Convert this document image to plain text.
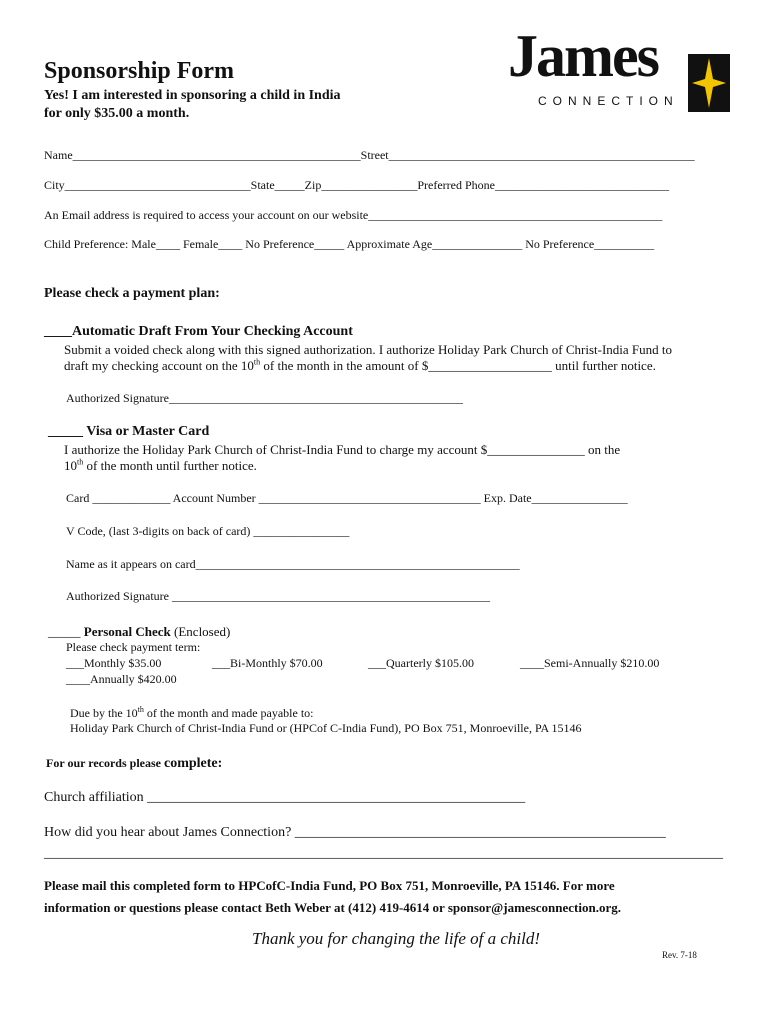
Sponsorship Form
Yes! I am interested in sponsoring a child in India
for only $35.00 a month.
James
CONNECTION
Name________________________________________________Street___________________________________________________
City_______________________________State_____Zip________________Preferred Phone_____________________________
An Email address is required to access your account on our website_________________________________________________
Child Preference: Male____ Female____ No Preference_____ Approximate Age_______________ No Preference__________
Please check a payment plan:
____Automatic Draft From Your Checking Account
Submit a voided check along with this signed authorization. I authorize Holiday Park Church of Christ-India Fund to
draft my checking account on the 10th of the month in the amount of $___________________ until further notice.
Authorized Signature_________________________________________________
_____ Visa or Master Card
I authorize the Holiday Park Church of Christ-India Fund to charge my account $_______________ on the
10th of the month until further notice.
Card _____________ Account Number _____________________________________ Exp. Date________________
V Code, (last 3-digits on back of card) ________________
Name as it appears on card______________________________________________________
Authorized Signature _____________________________________________________
_____ Personal Check (Enclosed)
Please check payment term:
___Monthly $35.00	___Bi-Monthly $70.00	___Quarterly $105.00	____Semi-Annually $210.00
____Annually $420.00
Due by the 10th of the month and made payable to:
Holiday Park Church of Christ-India Fund or (HPCof C-India Fund), PO Box 751, Monroeville, PA 15146
For our records please complete:
Church affiliation ______________________________________________________
How did you hear about James Connection? _____________________________________________________
_________________________________________________________________________________________________
Please mail this completed form to HPCofC-India Fund, PO Box 751, Monroeville, PA 15146. For more
information or questions please contact Beth Weber at (412) 419-4614 or sponsor@jamesconnection.org.
Thank you for changing the life of a child!
Rev. 7-18
